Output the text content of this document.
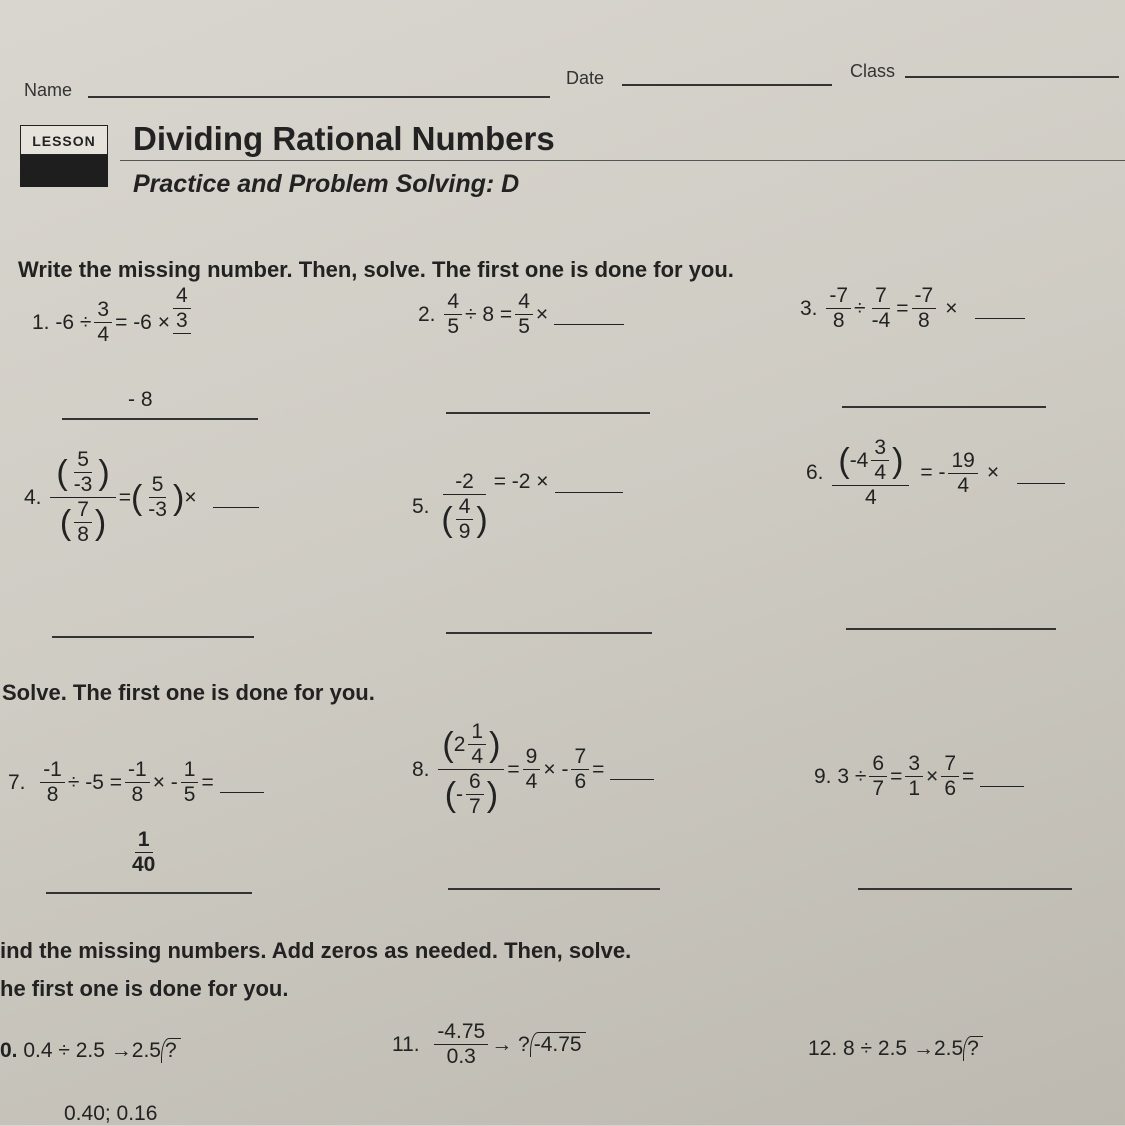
Name
Date	Class
LESSON	Dividing Rational Numbers
Practice and Problem Solving: D
Write the missing number. Then, solve. The first one is done for you.
1.
$-6 \div \frac{3}{4} = -6 \times \frac{4}{3}$
- 8
2.
$\frac{4}{5} \div 8 = \frac{4}{5}$ ×	3.
$\frac{-7}{8} \div \frac{7}{-4} = \frac{-7}{8}$ ×
4.
$\frac{( \frac{5}{-3} )}{( \frac{7}{8} )}$ = ( $\frac{5}{-3}$ ) ×	5.
$\frac{-2}{( \frac{4}{9} )} = -2$ ×	6.
$\frac{( -4 \frac{3}{4} )}{4}$ = - $\frac{19}{4}$ ×
Solve. The first one is done for you.
7.
$\frac{-1}{8} \div -5 = \frac{-1}{8}$ × - $\frac{1}{5}$ =
$\frac{1}{40}$
8.
$\frac{( 2 \frac{1}{4} )}{( - \frac{6}{7} )} = \frac{9}{4}$ × - $\frac{7}{6}$ =	9.
$3 \div \frac{6}{7} = \frac{3}{1} \times \frac{7}{6}$ =
ind the missing numbers. Add zeros as needed. Then, solve.
he first one is done for you.
0.
0.4 ÷ 2.5 → 2.5 ?
0.40; 0.16
11.
$\frac{-4.75}{0.3}$ →
? -4.75	12.
8 ÷ 2.5 → 2.5 ?
